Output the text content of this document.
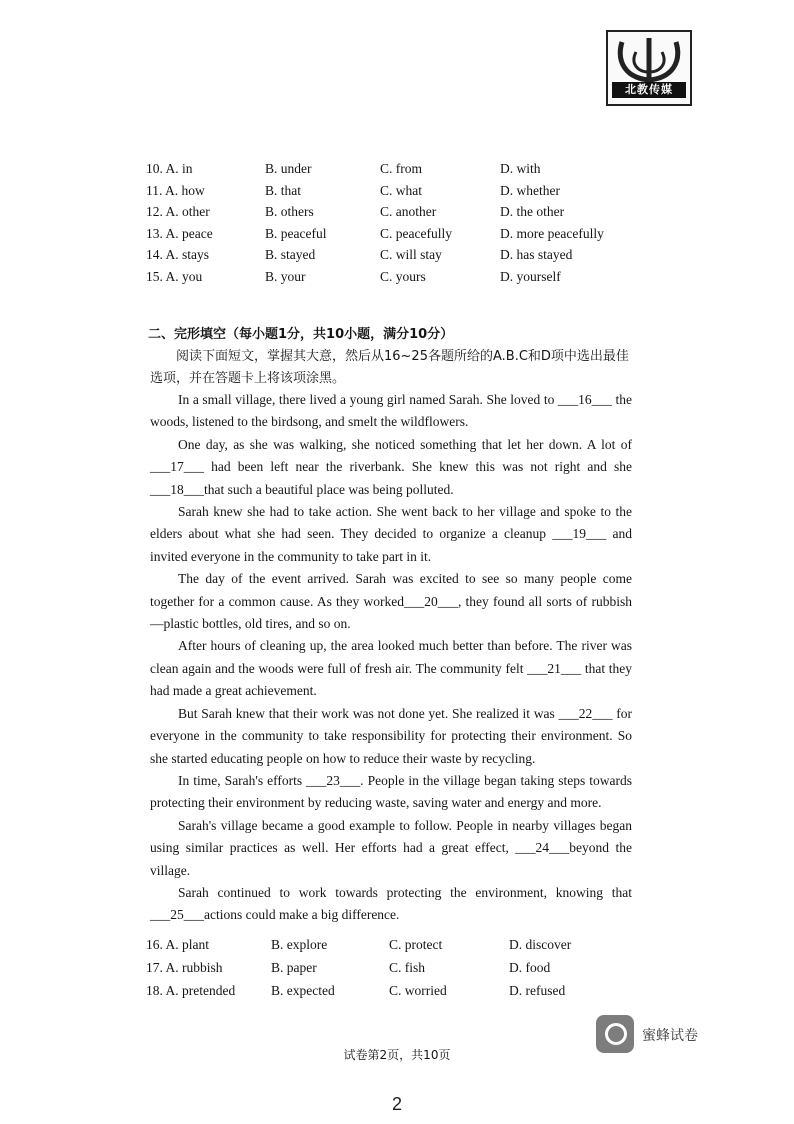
北教传媒
10. A. in	B. under	C. from	D. with
11. A. how	B. that	C. what	D. whether
12. A. other	B. others	C. another	D. the other
13. A. peace	B. peaceful	C. peacefully	D. more peacefully
14. A. stays	B. stayed	C. will stay	D. has stayed
15. A. you	B. your	C. yours	D. yourself
二、完形填空（每小题1分，共10小题，满分10分）
阅读下面短文，掌握其大意，然后从16~25各题所给的A.B.C和D项中选出最佳选项，并在答题卡上将该项涂黑。

In a small village, there lived a young girl named Sarah. She loved to ___16___ the woods, listened to the birdsong, and smelt the wildflowers.

One day, as she was walking, she noticed something that let her down. A lot of ___17___ had been left near the riverbank. She knew this was not right and she ___18___that such a beautiful place was being polluted.

Sarah knew she had to take action. She went back to her village and spoke to the elders about what she had seen. They decided to organize a cleanup ___19___ and invited everyone in the community to take part in it.

The day of the event arrived. Sarah was excited to see so many people come together for a common cause. As they worked___20___, they found all sorts of rubbish—plastic bottles, old tires, and so on.

After hours of cleaning up, the area looked much better than before. The river was clean again and the woods were full of fresh air. The community felt ___21___ that they had made a great achievement.

But Sarah knew that their work was not done yet. She realized it was ___22___ for everyone in the community to take responsibility for protecting their environment. So she started educating people on how to reduce their waste by recycling.

In time, Sarah's efforts ___23___. People in the village began taking steps towards protecting their environment by reducing waste, saving water and energy and more.

Sarah's village became a good example to follow. People in nearby villages began using similar practices as well. Her efforts had a great effect, ___24___beyond the village.

Sarah continued to work towards protecting the environment, knowing that ___25___actions could make a big difference.

16. A. plant	B. explore	C. protect	D. discover
17. A. rubbish	B. paper	C. fish	D. food
18. A. pretended	B. expected	C. worried	D. refused
蜜蜂试卷
试卷第2页，共10页
2
